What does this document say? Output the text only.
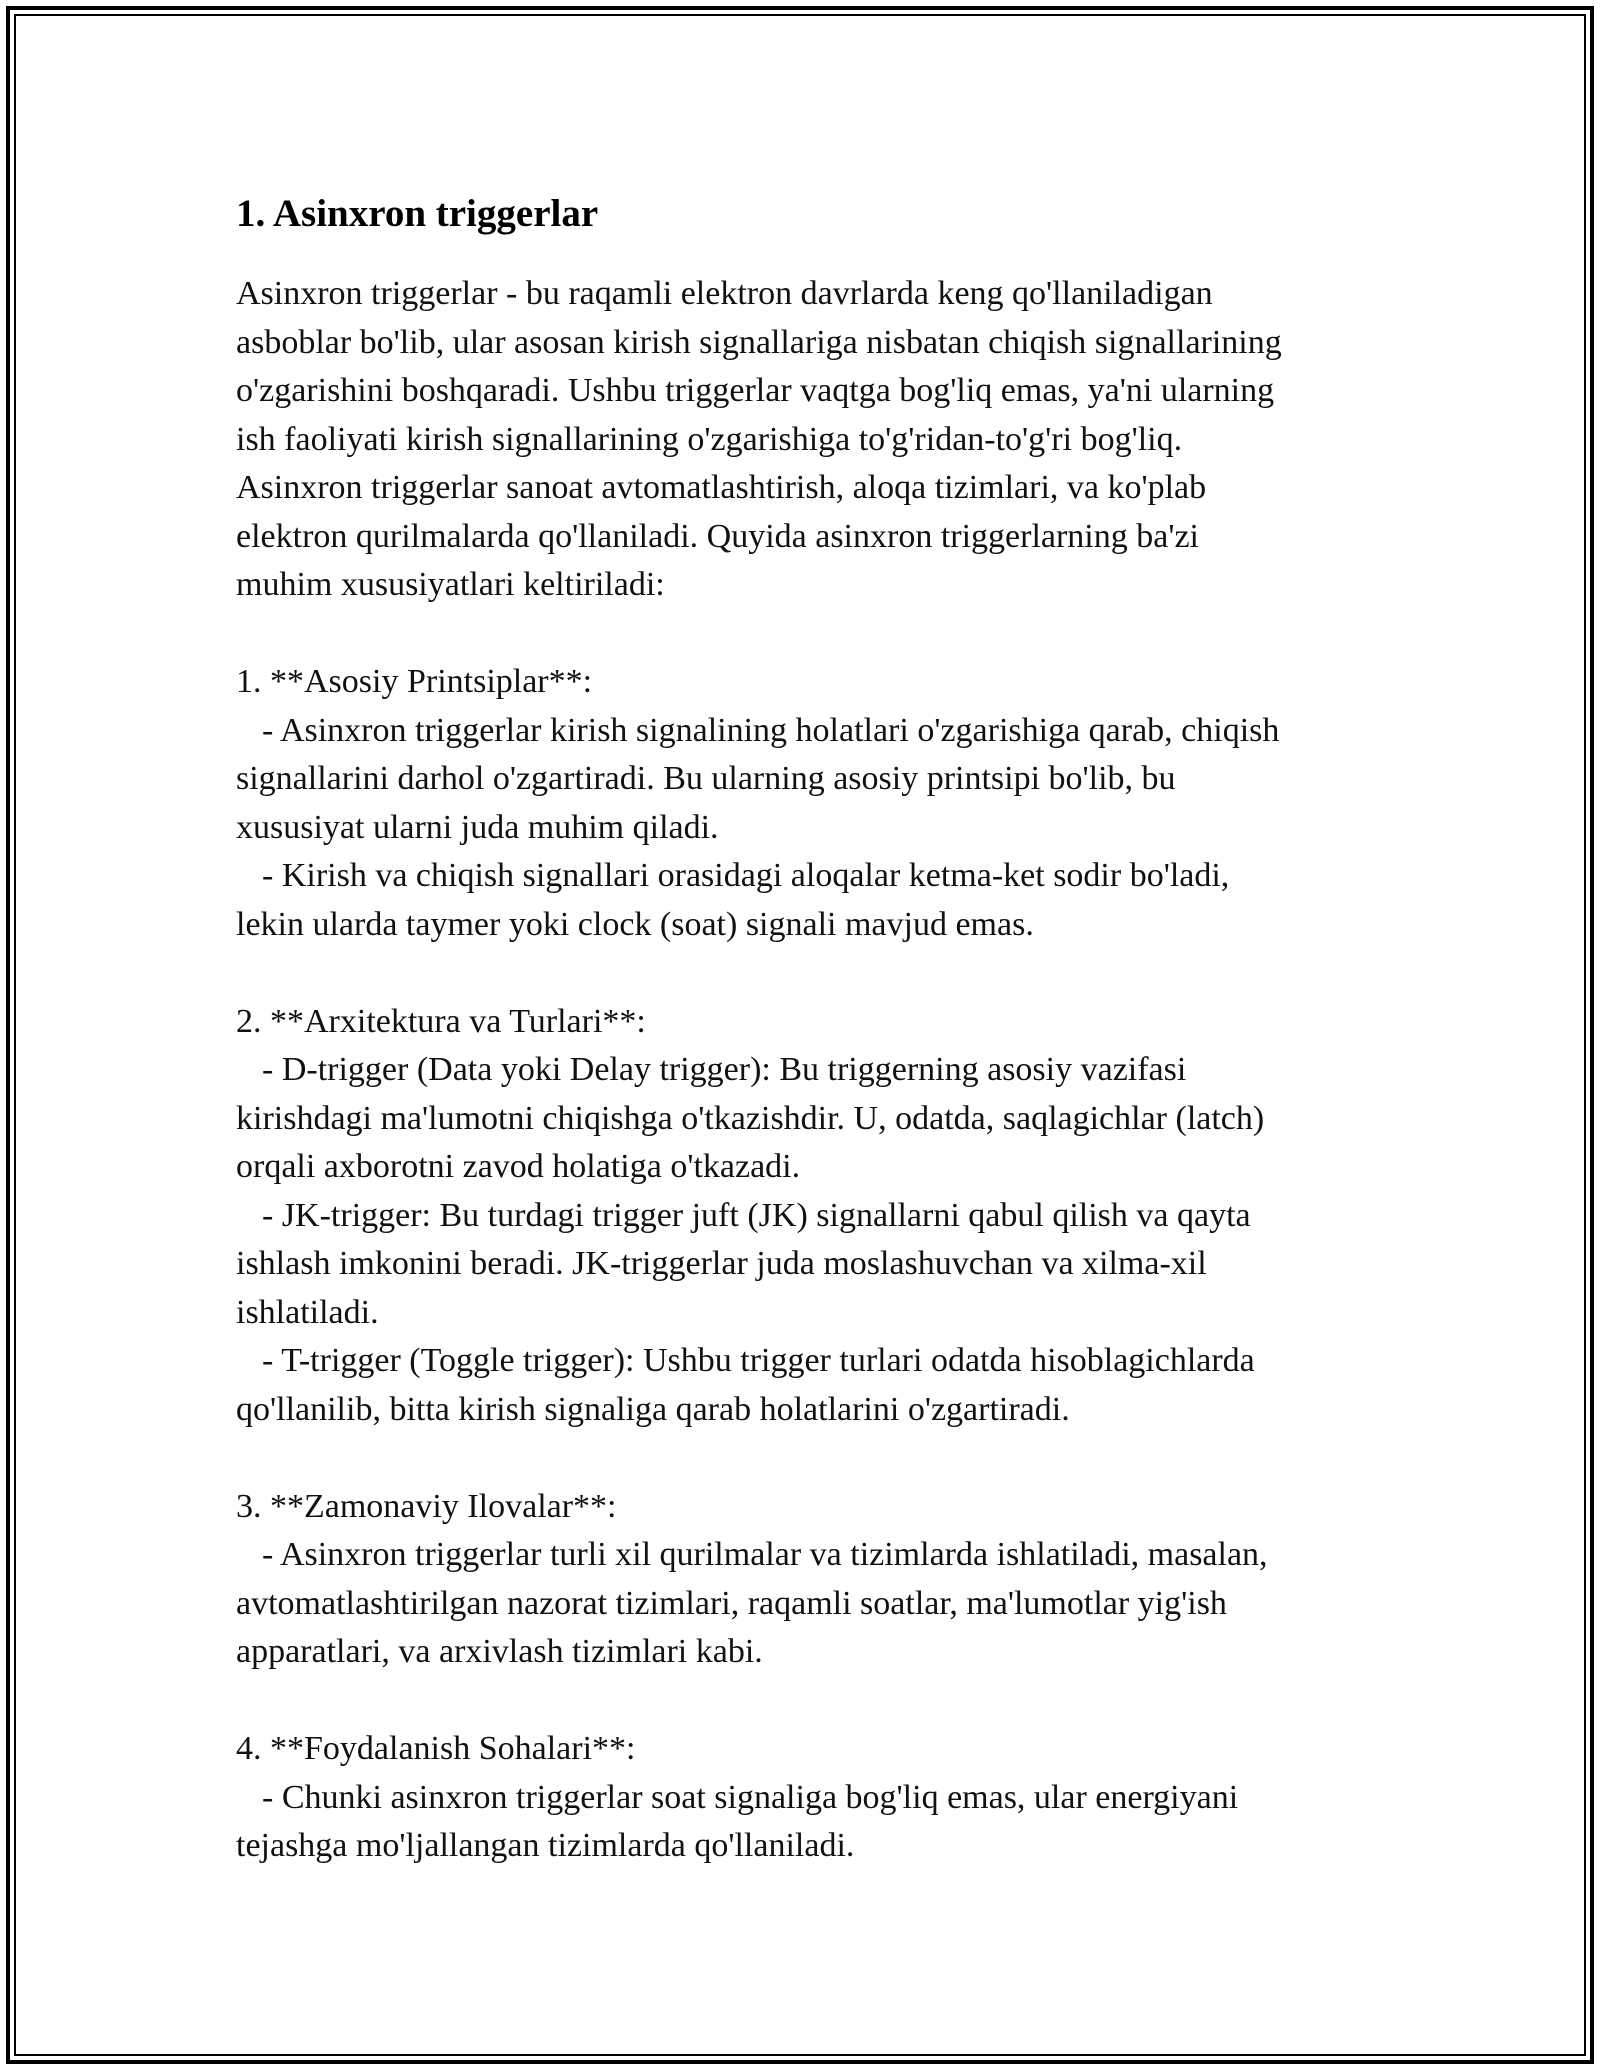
1. Asinxron triggerlar
Asinxron triggerlar - bu raqamli elektron davrlarda keng qo'llaniladigan
asboblar bo'lib, ular asosan kirish signallariga nisbatan chiqish signallarining
o'zgarishini boshqaradi. Ushbu triggerlar vaqtga bog'liq emas, ya'ni ularning
ish faoliyati kirish signallarining o'zgarishiga to'g'ridan-to'g'ri bog'liq.
Asinxron triggerlar sanoat avtomatlashtirish, aloqa tizimlari, va ko'plab
elektron qurilmalarda qo'llaniladi. Quyida asinxron triggerlarning ba'zi
muhim xususiyatlari keltiriladi:
1. **Asosiy Printsiplar**:
- Asinxron triggerlar kirish signalining holatlari o'zgarishiga qarab, chiqish
signallarini darhol o'zgartiradi. Bu ularning asosiy printsipi bo'lib, bu
xususiyat ularni juda muhim qiladi.
- Kirish va chiqish signallari orasidagi aloqalar ketma-ket sodir bo'ladi,
lekin ularda taymer yoki clock (soat) signali mavjud emas.
2. **Arxitektura va Turlari**:
- D-trigger (Data yoki Delay trigger): Bu triggerning asosiy vazifasi
kirishdagi ma'lumotni chiqishga o'tkazishdir. U, odatda, saqlagichlar (latch)
orqali axborotni zavod holatiga o'tkazadi.
- JK-trigger: Bu turdagi trigger juft (JK) signallarni qabul qilish va qayta
ishlash imkonini beradi. JK-triggerlar juda moslashuvchan va xilma-xil
ishlatiladi.
- T-trigger (Toggle trigger): Ushbu trigger turlari odatda hisoblagichlarda
qo'llanilib, bitta kirish signaliga qarab holatlarini o'zgartiradi.
3. **Zamonaviy Ilovalar**:
- Asinxron triggerlar turli xil qurilmalar va tizimlarda ishlatiladi, masalan,
avtomatlashtirilgan nazorat tizimlari, raqamli soatlar, ma'lumotlar yig'ish
apparatlari, va arxivlash tizimlari kabi.
4. **Foydalanish Sohalari**:
- Chunki asinxron triggerlar soat signaliga bog'liq emas, ular energiyani
tejashga mo'ljallangan tizimlarda qo'llaniladi.
